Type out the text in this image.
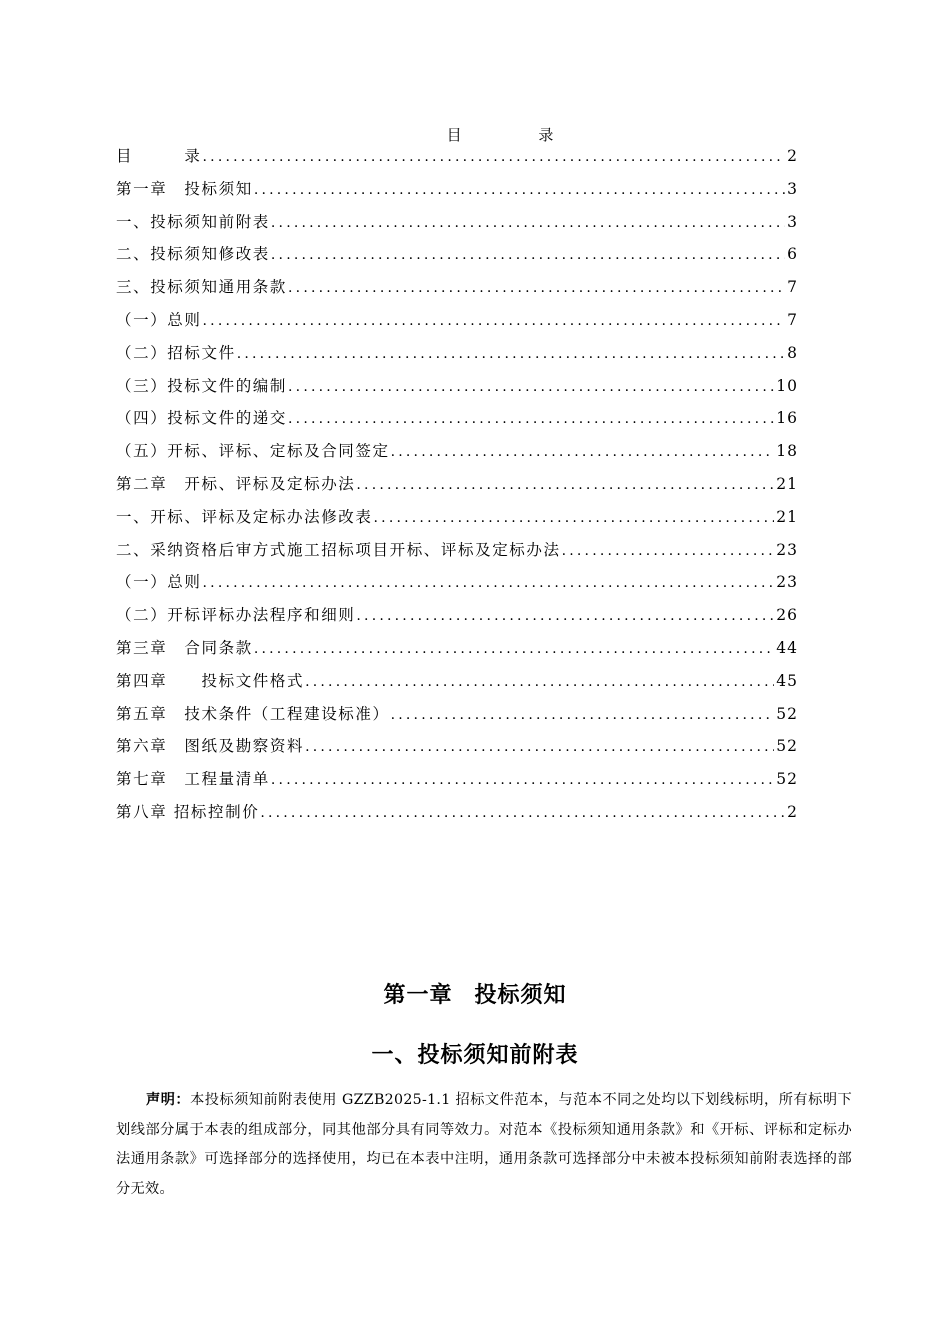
目 录
目　　　录 .....	2
第一章　投标须知 .....	3
一、投标须知前附表 .....	3
二、投标须知修改表 .....	6
三、投标须知通用条款 .....	7
（一）总则 .....	7
（二）招标文件 .....	8
（三）投标文件的编制 .....	10
（四）投标文件的递交 .....	16
（五）开标、评标、定标及合同签定 .....	18
第二章　开标、评标及定标办法 .....	21
一、开标、评标及定标办法修改表 .....	21
二、采纳资格后审方式施工招标项目开标、评标及定标办法 .....	23
（一）总则 .....	23
（二）开标评标办法程序和细则 .....	26
第三章　合同条款 .....	44
第四章　　投标文件格式 .....	45
第五章　技术条件（工程建设标准） .....	52
第六章　图纸及勘察资料 .....	52
第七章　工程量清单 .....	52
第八章 招标控制价 .....	2
第一章 投标须知
一、投标须知前附表
声明：本投标须知前附表使用 GZZB2025-1.1 招标文件范本，与范本不同之处均以下划线标明，所有标明下划线部分属于本表的组成部分，同其他部分具有同等效力。对范本《投标须知通用条款》和《开标、评标和定标办法通用条款》可选择部分的选择使用，均已在本表中注明，通用条款可选择部分中未被本投标须知前附表选择的部分无效。
